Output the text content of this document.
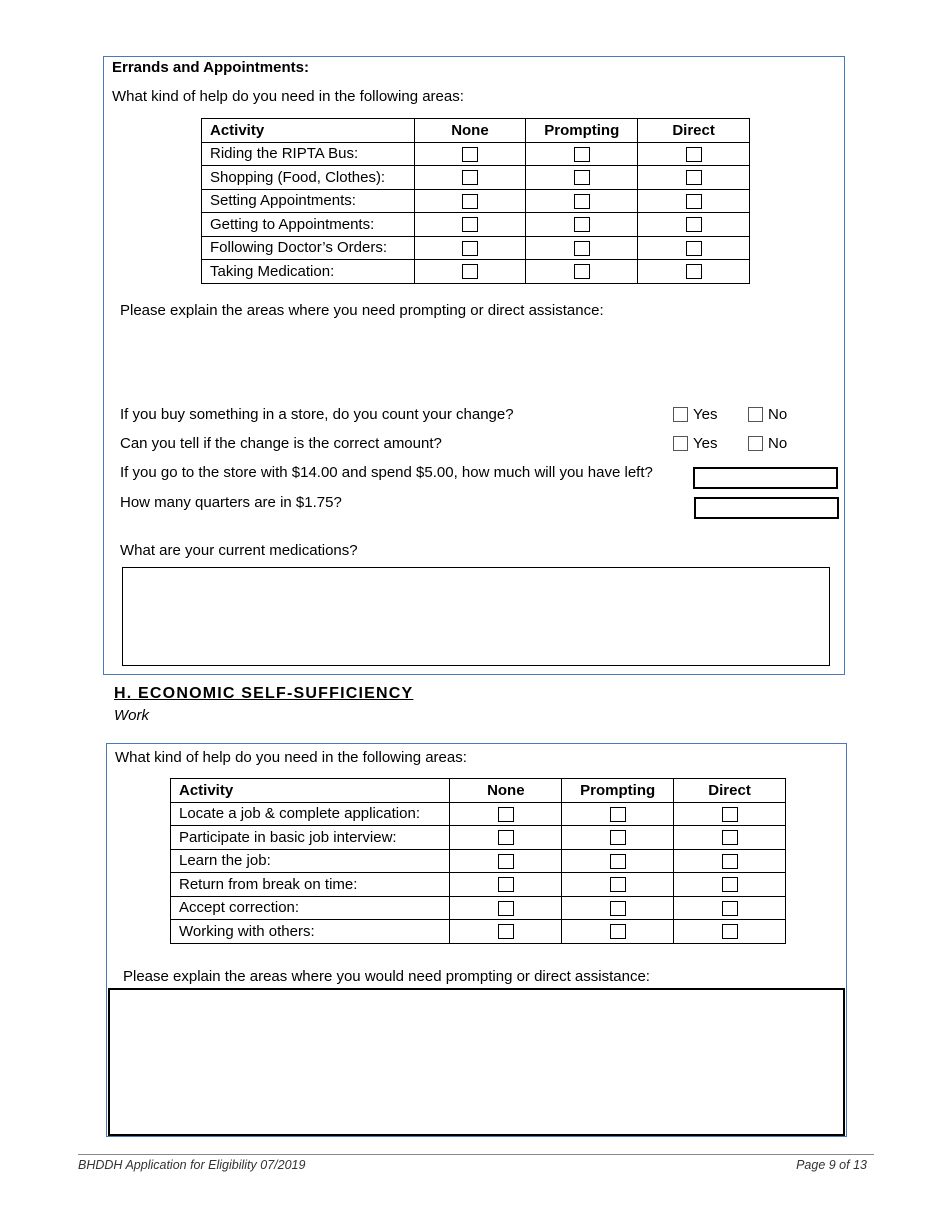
Errands and Appointments:
What kind of help do you need in the following areas:
Activity	None	Prompting	Direct
Riding the RIPTA Bus:			
Shopping (Food, Clothes):			
Setting Appointments:			
Getting to Appointments:			
Following Doctor’s Orders:			
Taking Medication:			
Please explain the areas where you need prompting or direct assistance:
If you buy something in a store, do you count your change?	Yes	No
Can you tell if the change is the correct amount?	Yes	No
If you go to the store with $14.00 and spend $5.00, how much will you have left?
How many quarters are in $1.75?
What are your current medications?
H. ECONOMIC SELF-SUFFICIENCY
Work
What kind of help do you need in the following areas:
Activity	None	Prompting	Direct
Locate a job & complete application:			
Participate in basic job interview:			
Learn the job:			
Return from break on time:			
Accept correction:			
Working with others:			
Please explain the areas where you would need prompting or direct assistance:
BHDDH Application for Eligibility 07/2019	Page 9 of 13
